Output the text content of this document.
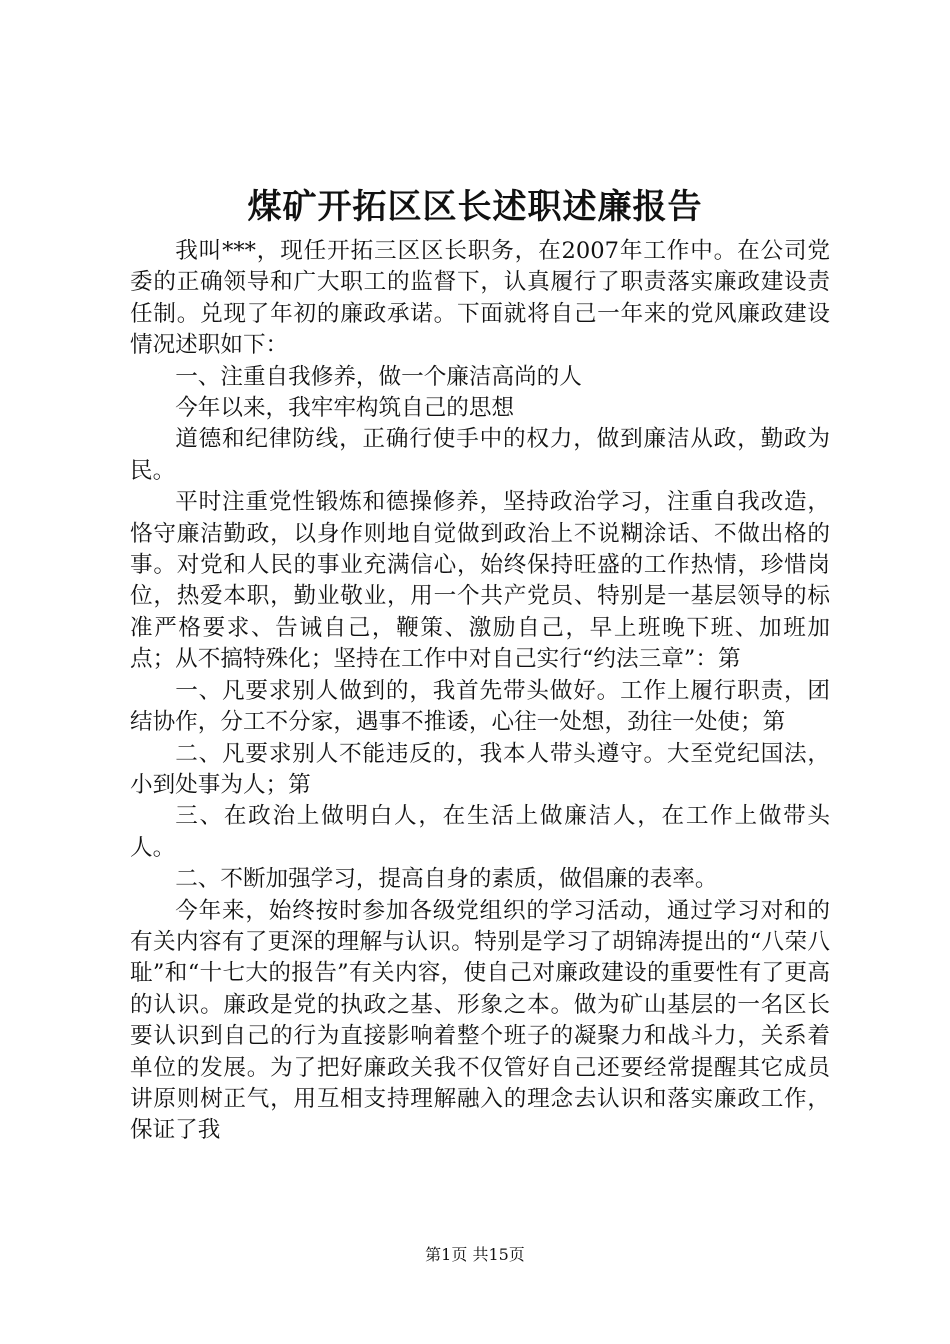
煤矿开拓区区长述职述廉报告

我叫***，现任开拓三区区长职务，在2007年工作中。在公司党委的正确领导和广大职工的监督下，认真履行了职责落实廉政建设责任制。兑现了年初的廉政承诺。下面就将自己一年来的党风廉政建设情况述职如下：

一、注重自我修养，做一个廉洁高尚的人

今年以来，我牢牢构筑自己的思想

道德和纪律防线，正确行使手中的权力，做到廉洁从政，勤政为民。

平时注重党性锻炼和德操修养，坚持政治学习，注重自我改造，恪守廉洁勤政，以身作则地自觉做到政治上不说糊涂话、不做出格的事。对党和人民的事业充满信心，始终保持旺盛的工作热情，珍惜岗位，热爱本职，勤业敬业，用一个共产党员、特别是一基层领导的标准严格要求、告诫自己，鞭策、激励自己，早上班晚下班、加班加点；从不搞特殊化；坚持在工作中对自己实行“约法三章”：第

一、凡要求别人做到的，我首先带头做好。工作上履行职责，团结协作，分工不分家，遇事不推诿，心往一处想，劲往一处使；第

二、凡要求别人不能违反的，我本人带头遵守。大至党纪国法，小到处事为人；第

三、在政治上做明白人，在生活上做廉洁人，在工作上做带头人。

二、不断加强学习，提高自身的素质，做倡廉的表率。

今年来，始终按时参加各级党组织的学习活动，通过学习对和的有关内容有了更深的理解与认识。特别是学习了胡锦涛提出的“八荣八耻”和“十七大的报告”有关内容，使自己对廉政建设的重要性有了更高的认识。廉政是党的执政之基、形象之本。做为矿山基层的一名区长要认识到自己的行为直接影响着整个班子的凝聚力和战斗力，关系着单位的发展。为了把好廉政关我不仅管好自己还要经常提醒其它成员讲原则树正气，用互相支持理解融入的理念去认识和落实廉政工作，保证了我

第1页 共15页
